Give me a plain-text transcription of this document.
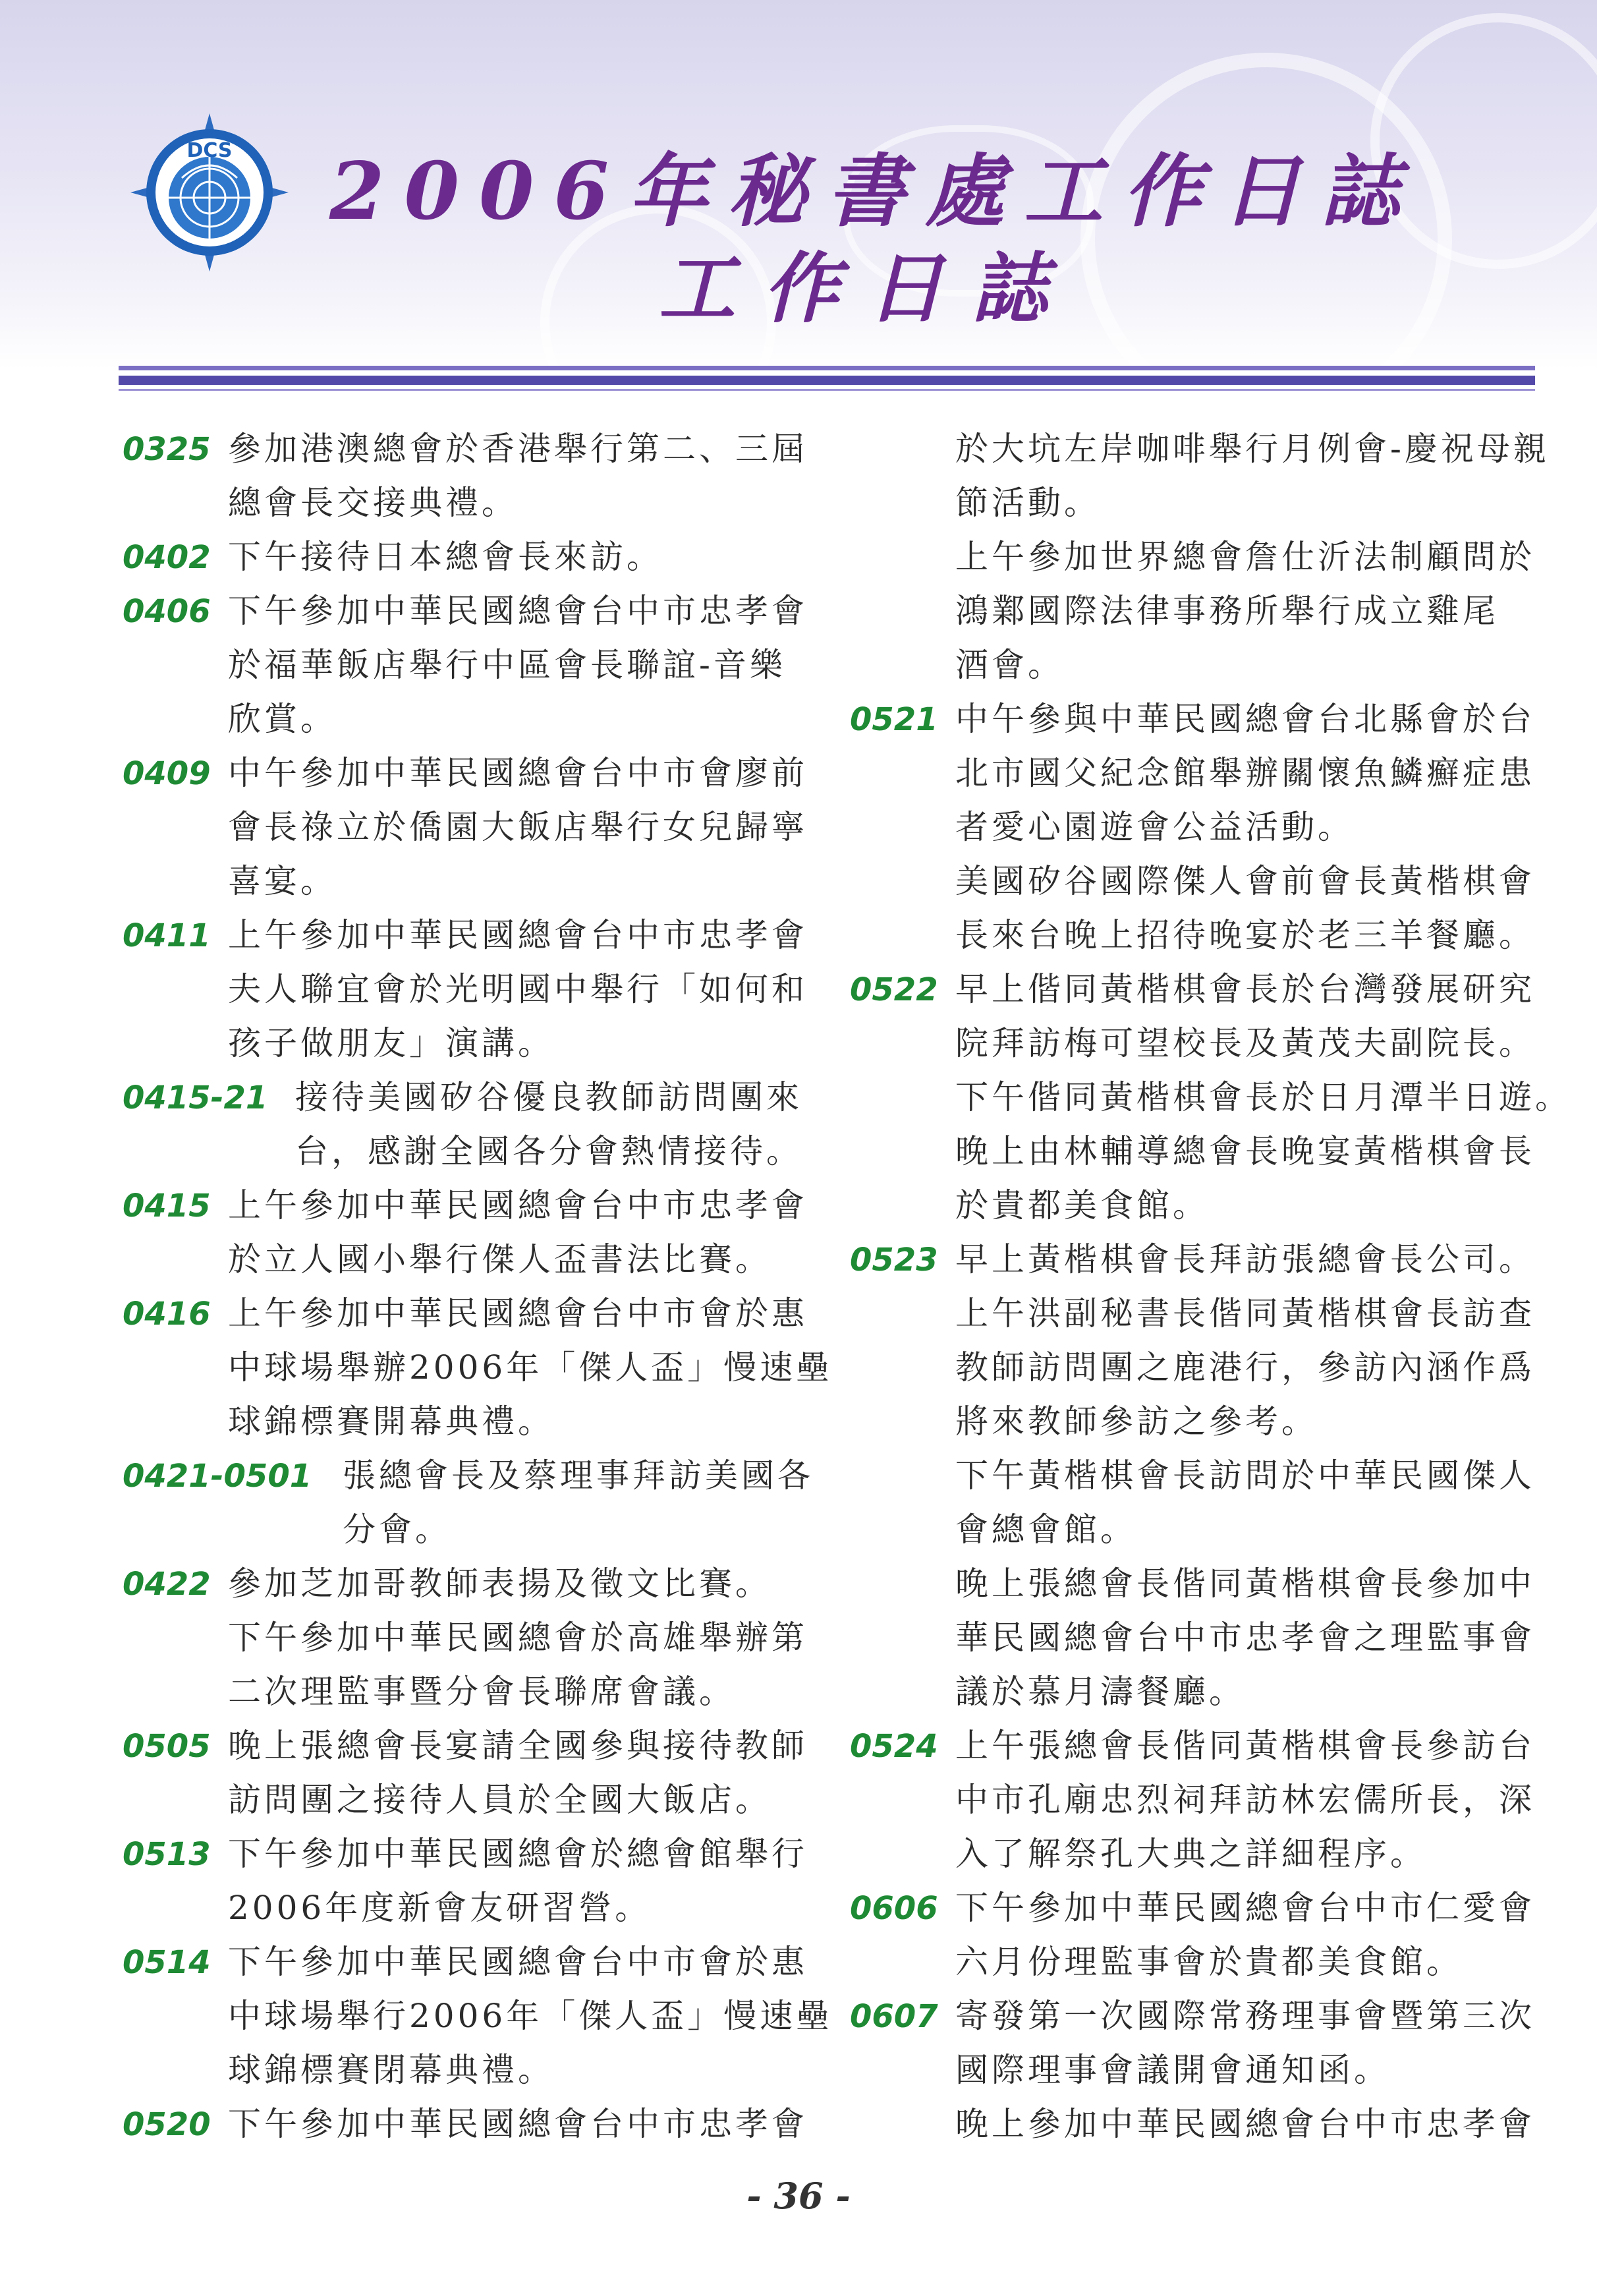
DCS 2006年秘書處工作日誌
工作日誌
0325 參加港澳總會於香港舉行第二、三屆
總會長交接典禮。
0402 下午接待日本總會長來訪。
0406 下午參加中華民國總會台中市忠孝會
於福華飯店舉行中區會長聯誼-音樂
欣賞。
0409 中午參加中華民國總會台中市會廖前
會長祿立於僑園大飯店舉行女兒歸寧
喜宴。
0411 上午參加中華民國總會台中市忠孝會
夫人聯宜會於光明國中舉行「如何和
孩子做朋友」演講。
0415-21 接待美國矽谷優良教師訪問團來
台，感謝全國各分會熱情接待。
0415 上午參加中華民國總會台中市忠孝會
於立人國小舉行傑人盃書法比賽。
0416 上午參加中華民國總會台中市會於惠
中球場舉辦2006年「傑人盃」慢速壘
球錦標賽開幕典禮。
0421-0501 張總會長及蔡理事拜訪美國各
分會。
0422 參加芝加哥教師表揚及徵文比賽。
下午參加中華民國總會於高雄舉辦第
二次理監事暨分會長聯席會議。
0505 晚上張總會長宴請全國參與接待教師
訪問團之接待人員於全國大飯店。
0513 下午參加中華民國總會於總會館舉行
2006年度新會友研習營。
0514 下午參加中華民國總會台中市會於惠
中球場舉行2006年「傑人盃」慢速壘
球錦標賽閉幕典禮。
0520 下午參加中華民國總會台中市忠孝會
於大坑左岸咖啡舉行月例會-慶祝母親
節活動。
上午參加世界總會詹仕沂法制顧問於
鴻鄴國際法律事務所舉行成立雞尾
酒會。
0521 中午參與中華民國總會台北縣會於台
北市國父紀念館舉辦關懷魚鱗癬症患
者愛心園遊會公益活動。
美國矽谷國際傑人會前會長黃楷棋會
長來台晚上招待晚宴於老三羊餐廳。
0522 早上偕同黃楷棋會長於台灣發展研究
院拜訪梅可望校長及黃茂夫副院長。
下午偕同黃楷棋會長於日月潭半日遊。
晚上由林輔導總會長晚宴黃楷棋會長
於貴都美食館。
0523 早上黃楷棋會長拜訪張總會長公司。
上午洪副秘書長偕同黃楷棋會長訪查
教師訪問團之鹿港行，參訪內涵作爲
將來教師參訪之參考。
下午黃楷棋會長訪問於中華民國傑人
會總會館。
晚上張總會長偕同黃楷棋會長參加中
華民國總會台中市忠孝會之理監事會
議於慕月濤餐廳。
0524 上午張總會長偕同黃楷棋會長參訪台
中市孔廟忠烈祠拜訪林宏儒所長，深
入了解祭孔大典之詳細程序。
0606 下午參加中華民國總會台中市仁愛會
六月份理監事會於貴都美食館。
0607 寄發第一次國際常務理事會暨第三次
國際理事會議開會通知函。
晚上參加中華民國總會台中市忠孝會
- 36 -
